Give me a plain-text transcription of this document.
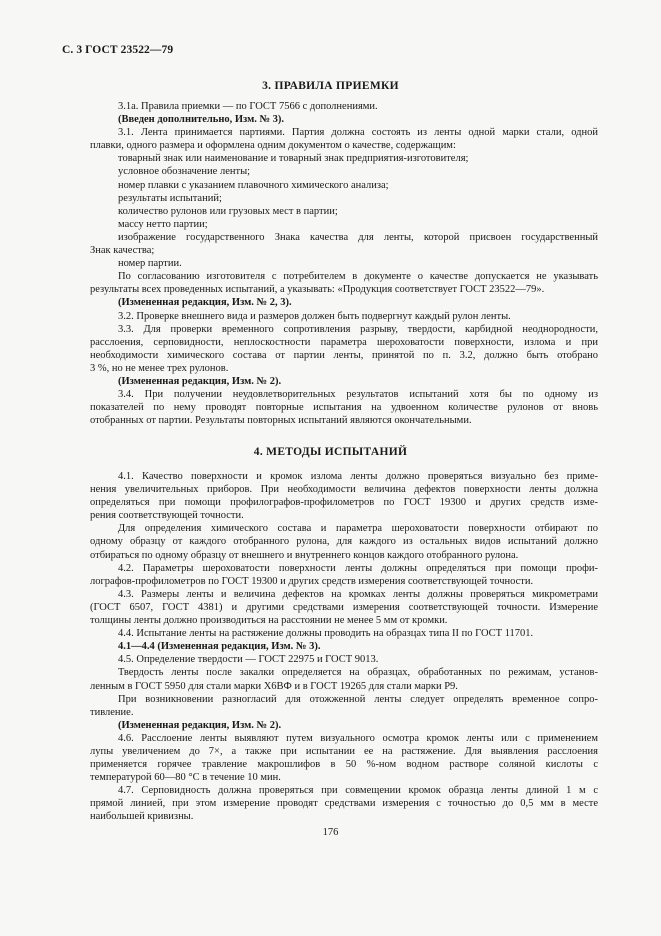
С. 3 ГОСТ 23522—79
3. ПРАВИЛА ПРИЕМКИ
3.1а. Правила приемки — по ГОСТ 7566 с дополнениями.
(Введен дополнительно, Изм. № 3).
3.1. Лента принимается партиями. Партия должна состоять из ленты одной марки стали, одной
плавки, одного размера и оформлена одним документом о качестве, содержащим:
товарный знак или наименование и товарный знак предприятия-изготовителя;
условное обозначение ленты;
номер плавки с указанием плавочного химического анализа;
результаты испытаний;
количество рулонов или грузовых мест в партии;
массу нетто партии;
изображение государственного Знака качества для ленты, которой присвоен государственный
Знак качества;
номер партии.
По согласованию изготовителя с потребителем в документе о качестве допускается не указывать
результаты всех проведенных испытаний, а указывать: «Продукция соответствует ГОСТ 23522—79».
(Измененная редакция, Изм. № 2, 3).
3.2. Проверке внешнего вида и размеров должен быть подвергнут каждый рулон ленты.
3.3. Для проверки временного сопротивления разрыву, твердости, карбидной неоднородности,
расслоения, серповидности, неплоскостности параметра шероховатости поверхности, излома и при
необходимости химического состава от партии ленты, принятой по п. 3.2, должно быть отобрано
3 %, но не менее трех рулонов.
(Измененная редакция, Изм. № 2).
3.4. При получении неудовлетворительных результатов испытаний хотя бы по одному из
показателей по нему проводят повторные испытания на удвоенном количестве рулонов от вновь
отобранных от партии. Результаты повторных испытаний являются окончательными.
4. МЕТОДЫ ИСПЫТАНИЙ
4.1. Качество поверхности и кромок излома ленты должно проверяться визуально без приме-
нения увеличительных приборов. При необходимости величина дефектов поверхности ленты должна
определяться при помощи профилографов-профилометров по ГОСТ 19300 и других средств изме-
рения соответствующей точности.
Для определения химического состава и параметра шероховатости поверхности отбирают по
одному образцу от каждого отобранного рулона, для каждого из остальных видов испытаний должно
отбираться по одному образцу от внешнего и внутреннего концов каждого отобранного рулона.
4.2. Параметры шероховатости поверхности ленты должны определяться при помощи профи-
лографов-профилометров по ГОСТ 19300 и других средств измерения соответствующей точности.
4.3. Размеры ленты и величина дефектов на кромках ленты должны проверяться микрометрами
(ГОСТ 6507, ГОСТ 4381) и другими средствами измерения соответствующей точности. Измерение
толщины ленты должно производиться на расстоянии не менее 5 мм от кромки.
4.4. Испытание ленты на растяжение должны проводить на образцах типа II по ГОСТ 11701.
4.1—4.4 (Измененная редакция, Изм. № 3).
4.5. Определение твердости — ГОСТ 22975 и ГОСТ 9013.
Твердость ленты после закалки определяется на образцах, обработанных по режимам, установ-
ленным в ГОСТ 5950 для стали марки Х6ВФ и в ГОСТ 19265 для стали марки Р9.
При возникновении разногласий для отожженной ленты следует определять временное сопро-
тивление.
(Измененная редакция, Изм. № 2).
4.6. Расслоение ленты выявляют путем визуального осмотра кромок ленты или с применением
лупы увеличением до 7×, а также при испытании ее на растяжение. Для выявления расслоения
применяется горячее травление макрошлифов в 50 %-ном водном растворе соляной кислоты с
температурой 60—80 °С в течение 10 мин.
4.7. Серповидность должна проверяться при совмещении кромок образца ленты длиной 1 м с
прямой линией, при этом измерение проводят средствами измерения с точностью до 0,5 мм в месте
наибольшей кривизны.
176
